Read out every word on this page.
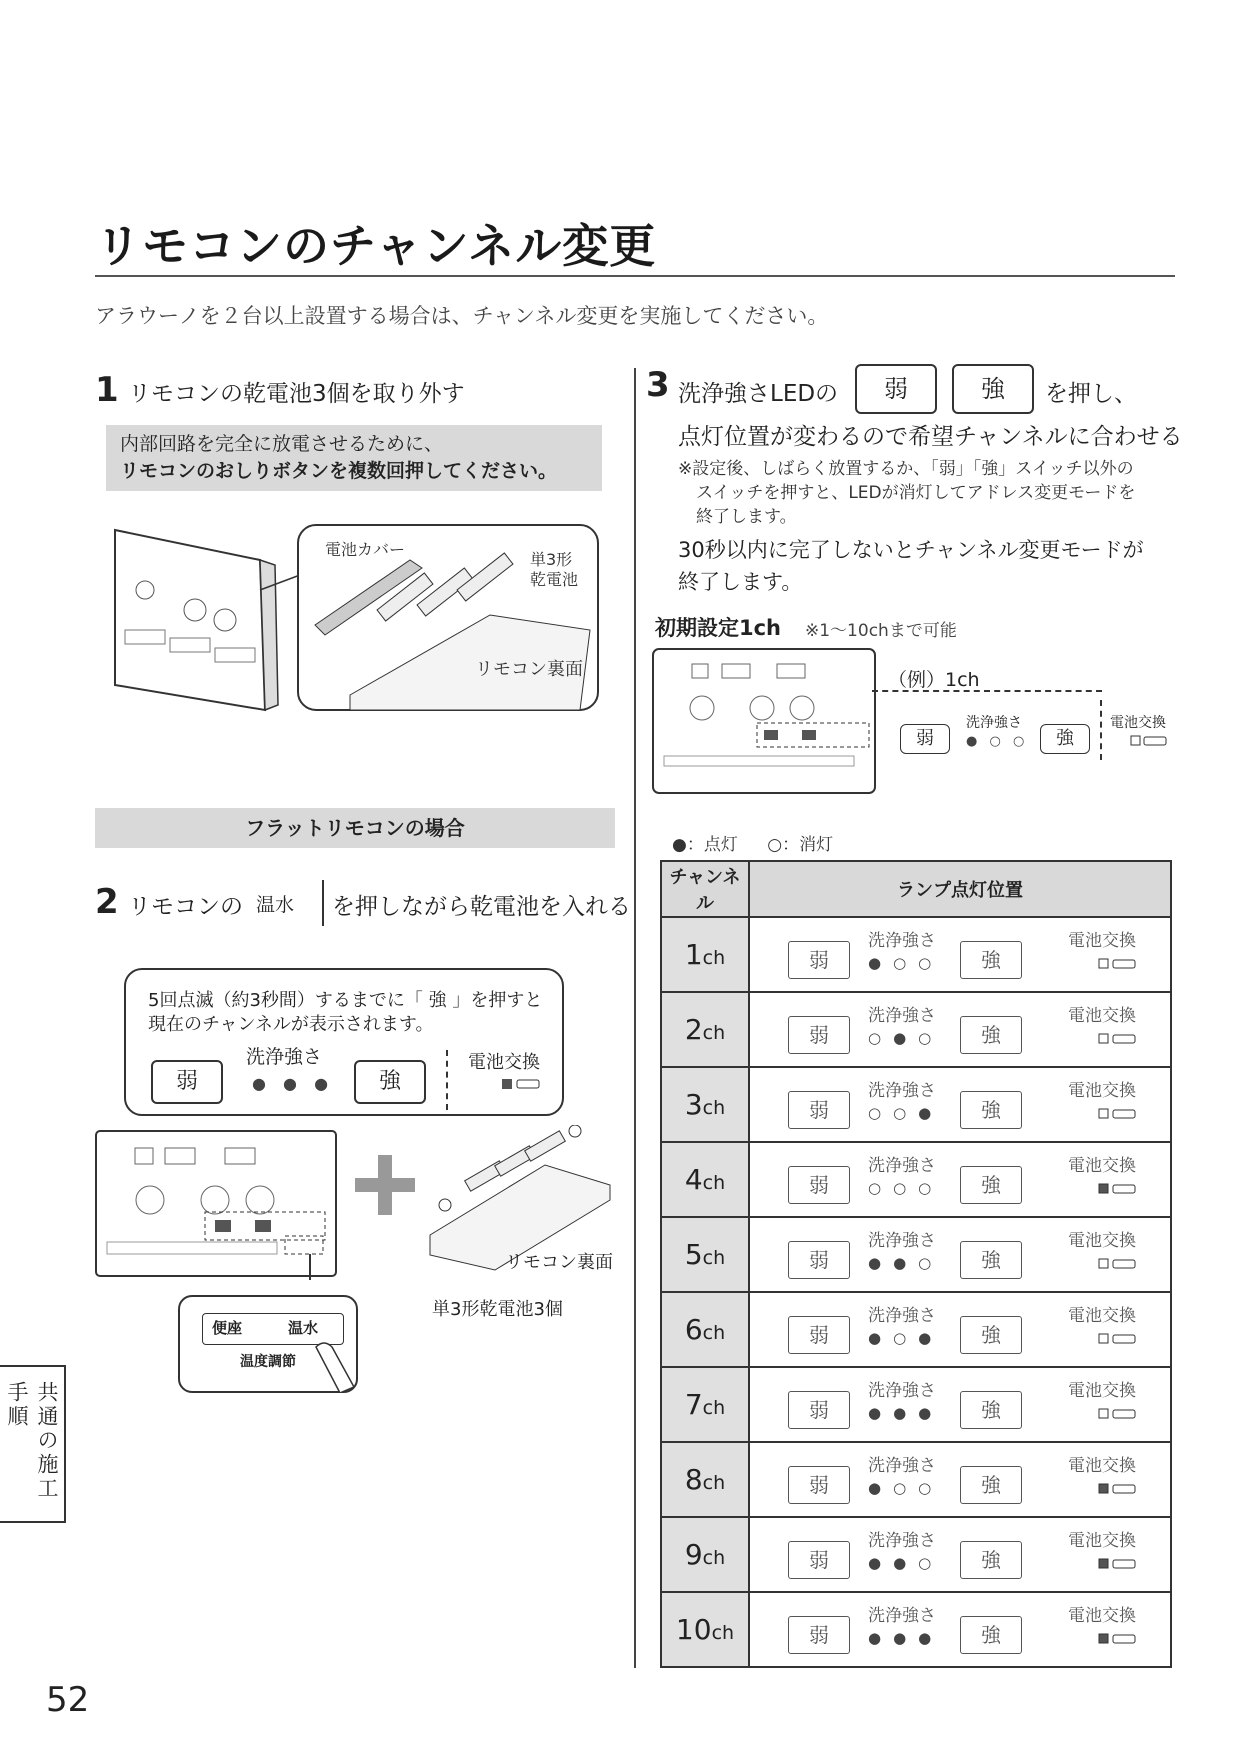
リモコンのチャンネル変更
アラウーノを２台以上設置する場合は、チャンネル変更を実施してください。
1 リモコンの乾電池3個を取り外す
内部回路を完全に放電させるために、
リモコンのおしりボタンを複数回押してください。
電池カバー
単3形
乾電池
リモコン裏面
フラットリモコンの場合
2 リモコンの 温水 を押しながら乾電池を入れる
5回点滅（約3秒間）するまでに「 強 」を押すと
現在のチャンネルが表示されます。
弱
洗浄強さ
● ● ●	強
電池交換
リモコン裏面
単3形乾電池3個
便座	温水
温度調節
3 洗浄強さLEDの	弱	強	を押し、
点灯位置が変わるので希望チャンネルに合わせる
※設定後、しばらく放置するか、「弱」「強」スイッチ以外の
スイッチを押すと、LEDが消灯してアドレス変更モードを
終了します。
30秒以内に完了しないとチャンネル変更モードが
終了します。
初期設定1ch ※1〜10chまで可能
（例）1ch
弱
洗浄強さ
● ○ ○	強
電池交換
●：点灯 ○：消灯
チャンネル	ランプ点灯位置
1ch	弱
洗浄強さ
●○○ 強
電池交換

2ch	弱
洗浄強さ
○●○ 強
電池交換

3ch	弱
洗浄強さ
○○● 強
電池交換

4ch	弱
洗浄強さ
○○○ 強
電池交換

5ch	弱
洗浄強さ
●●○ 強
電池交換

6ch	弱
洗浄強さ
●○● 強
電池交換

7ch	弱
洗浄強さ
●●● 強
電池交換

8ch	弱
洗浄強さ
●○○ 強
電池交換

9ch	弱
洗浄強さ
●●○ 強
電池交換

10ch	弱
洗浄強さ
●●● 強
電池交換
共通の施工手順
52
